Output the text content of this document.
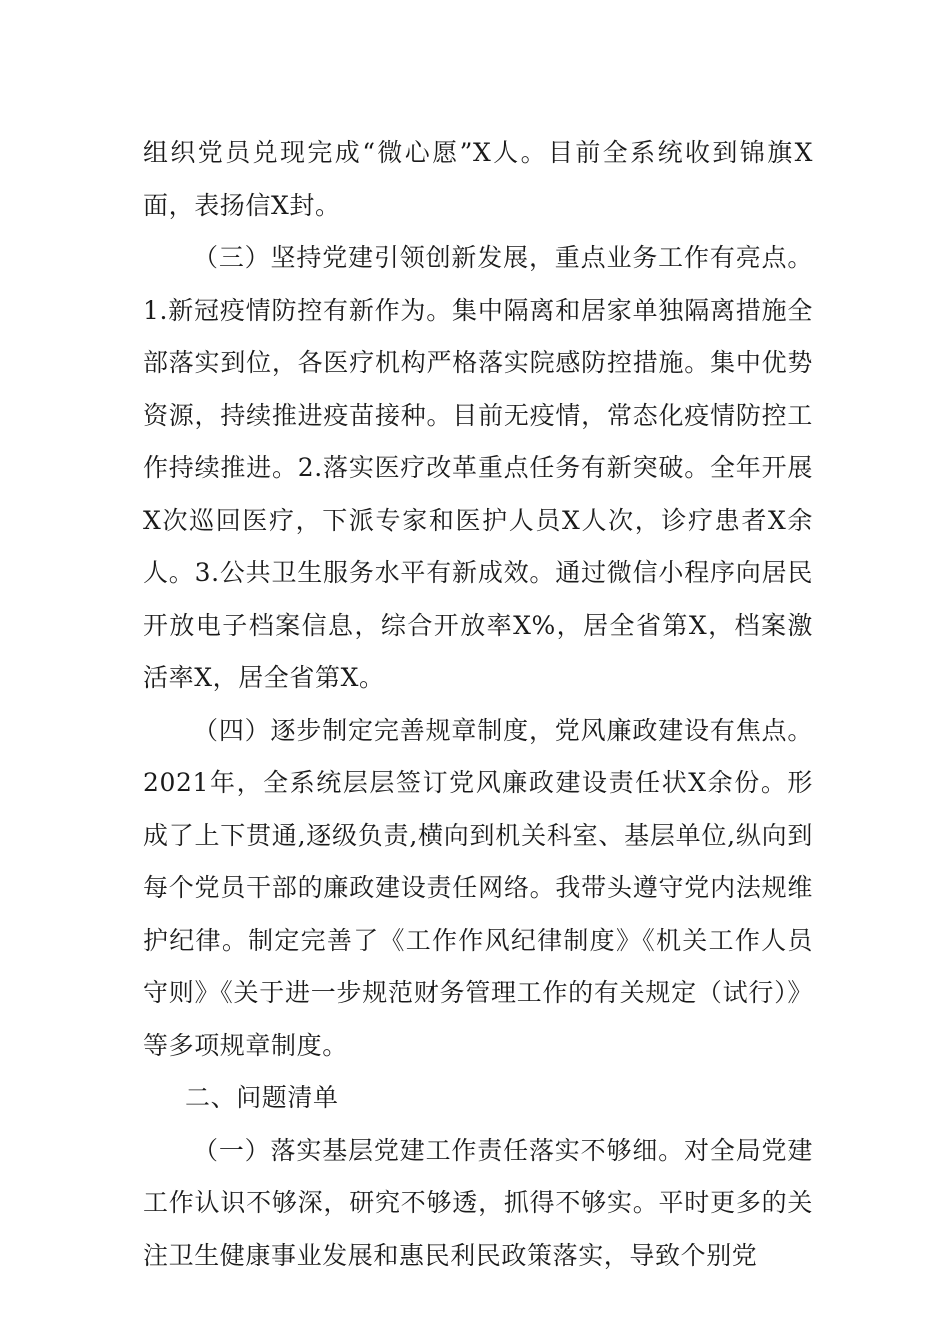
组织党员兑现完成“微心愿”X人。目前全系统收到锦旗X面，表扬信X封。

（三）坚持党建引领创新发展，重点业务工作有亮点。1.新冠疫情防控有新作为。集中隔离和居家单独隔离措施全部落实到位，各医疗机构严格落实院感防控措施。集中优势资源，持续推进疫苗接种。目前无疫情，常态化疫情防控工作持续推进。2.落实医疗改革重点任务有新突破。全年开展X次巡回医疗，下派专家和医护人员X人次，诊疗患者X余人。3.公共卫生服务水平有新成效。通过微信小程序向居民开放电子档案信息，综合开放率X%，居全省第X，档案激活率X，居全省第X。

（四）逐步制定完善规章制度，党风廉政建设有焦点。2021年，全系统层层签订党风廉政建设责任状X余份。形成了上下贯通,逐级负责,横向到机关科室、基层单位,纵向到每个党员干部的廉政建设责任网络。我带头遵守党内法规维护纪律。制定完善了《工作作风纪律制度》《机关工作人员守则》《关于进一步规范财务管理工作的有关规定（试行）》等多项规章制度。

二、问题清单

（一）落实基层党建工作责任落实不够细。对全局党建工作认识不够深，研究不够透，抓得不够实。平时更多的关注卫生健康事业发展和惠民利民政策落实，导致个别党
